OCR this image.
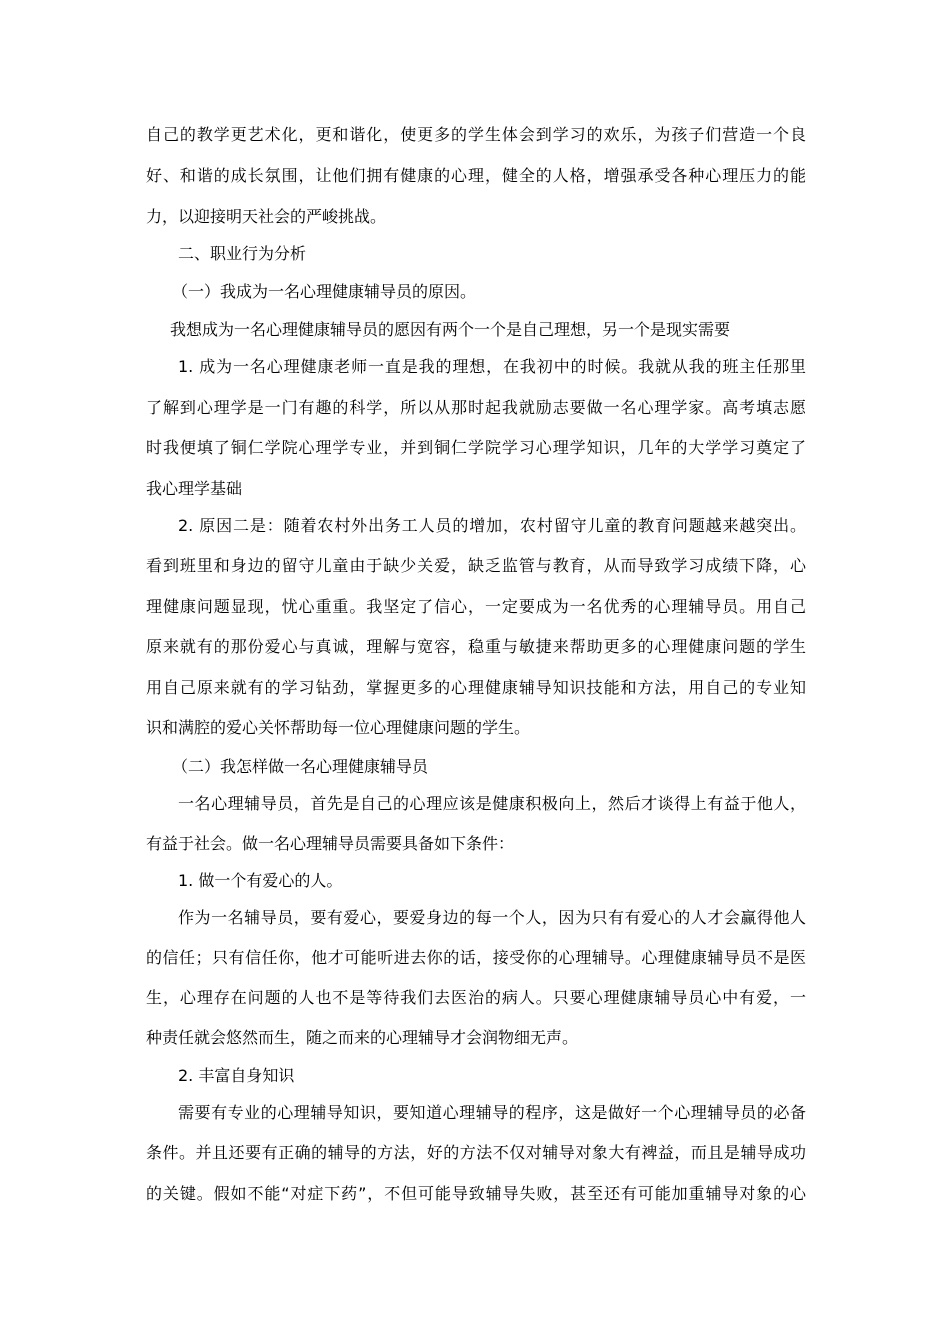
自己的教学更艺术化，更和谐化，使更多的学生体会到学习的欢乐，为孩子们营造一个良
好、和谐的成长氛围，让他们拥有健康的心理，健全的人格，增强承受各种心理压力的能
力，以迎接明天社会的严峻挑战。
二、职业行为分析
（一）我成为一名心理健康辅导员的原因。
我想成为一名心理健康辅导员的愿因有两个一个是自己理想，另一个是现实需要
1. 成为一名心理健康老师一直是我的理想，在我初中的时候。我就从我的班主任那里
了解到心理学是一门有趣的科学，所以从那时起我就励志要做一名心理学家。高考填志愿
时我便填了铜仁学院心理学专业，并到铜仁学院学习心理学知识，几年的大学学习奠定了
我心理学基础
2. 原因二是：随着农村外出务工人员的增加，农村留守儿童的教育问题越来越突出。
看到班里和身边的留守儿童由于缺少关爱，缺乏监管与教育，从而导致学习成绩下降，心
理健康问题显现，忧心重重。我坚定了信心，一定要成为一名优秀的心理辅导员。用自己
原来就有的那份爱心与真诚，理解与宽容，稳重与敏捷来帮助更多的心理健康问题的学生
用自己原来就有的学习钻劲，掌握更多的心理健康辅导知识技能和方法，用自己的专业知
识和满腔的爱心关怀帮助每一位心理健康问题的学生。
（二）我怎样做一名心理健康辅导员
一名心理辅导员，首先是自己的心理应该是健康积极向上，然后才谈得上有益于他人，
有益于社会。做一名心理辅导员需要具备如下条件：
1. 做一个有爱心的人。
作为一名辅导员，要有爱心，要爱身边的每一个人，因为只有有爱心的人才会赢得他人
的信任；只有信任你，他才可能听进去你的话，接受你的心理辅导。心理健康辅导员不是医
生，心理存在问题的人也不是等待我们去医治的病人。只要心理健康辅导员心中有爱，一
种责任就会悠然而生，随之而来的心理辅导才会润物细无声。
2. 丰富自身知识
需要有专业的心理辅导知识，要知道心理辅导的程序，这是做好一个心理辅导员的必备
条件。并且还要有正确的辅导的方法，好的方法不仅对辅导对象大有裨益，而且是辅导成功
的关键。假如不能“对症下药”，不但可能导致辅导失败，甚至还有可能加重辅导对象的心
